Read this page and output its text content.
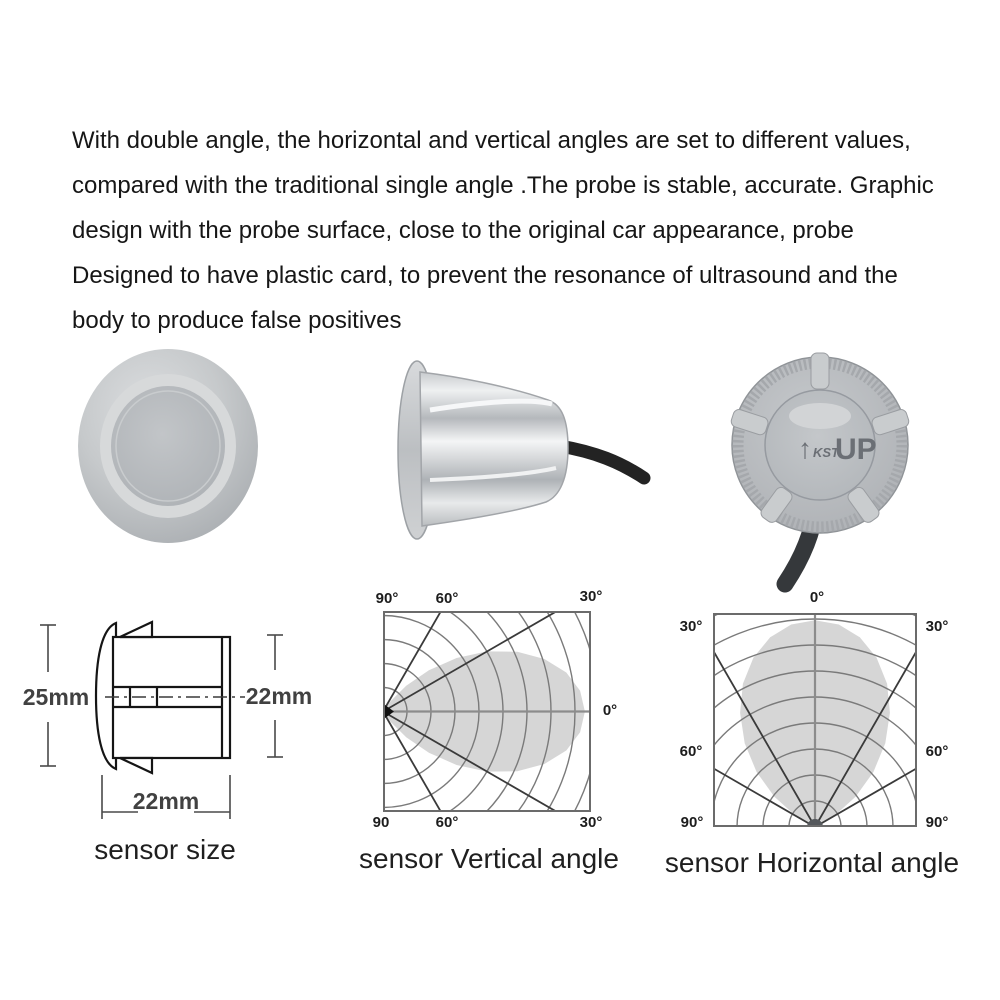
With double angle, the horizontal and vertical angles are set to different values,
compared with the traditional single angle .The probe is stable, accurate. Graphic
design with the probe surface, close to the original car appearance, probe
Designed to have plastic card, to prevent the resonance of ultrasound and the
body to produce false positives
↑ KST
UP
25mm	22mm
22mm
sensor size
90° 60°	30°
0°
90	60°	30°
sensor Vertical angle
0°
30°
60°
90°
30°
60°
90°
sensor Horizontal angle
